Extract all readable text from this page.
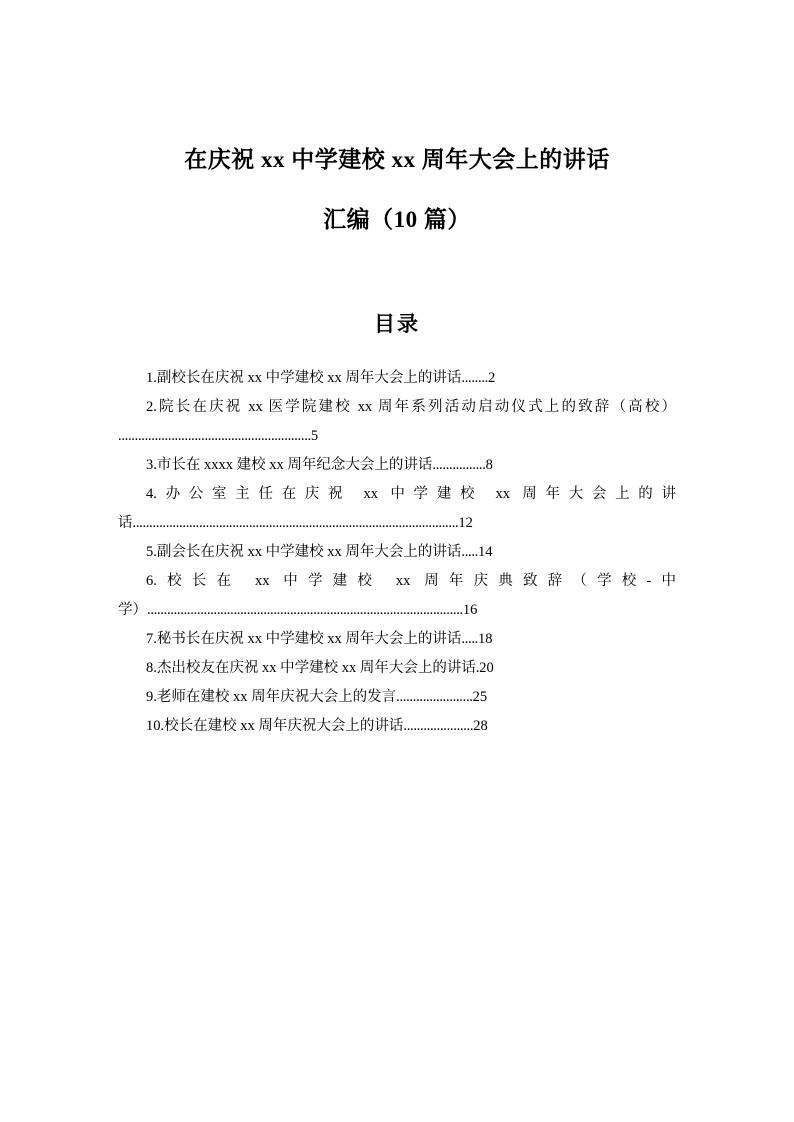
在庆祝 xx 中学建校 xx 周年大会上的讲话
汇编（10 篇）
目录
1.副校长在庆祝 xx 中学建校 xx 周年大会上的讲话........2
2.院长在庆祝 xx 医学院建校 xx 周年系列活动启动仪式上的致辞（高校） ..........................................................5
3.市长在 xxxx 建校 xx 周年纪念大会上的讲话................8
4.办公室主任在庆祝 xx 中学建校 xx 周年大会上的讲话..................................................................................................12
5.副会长在庆祝 xx 中学建校 xx 周年大会上的讲话.....14
6.校长在 xx 中学建校 xx 周年庆典致辞（学校-中学）...............................................................................................16
7.秘书长在庆祝 xx 中学建校 xx 周年大会上的讲话.....18
8.杰出校友在庆祝 xx 中学建校 xx 周年大会上的讲话.20
9.老师在建校 xx 周年庆祝大会上的发言.......................25
10.校长在建校 xx 周年庆祝大会上的讲话.....................28
